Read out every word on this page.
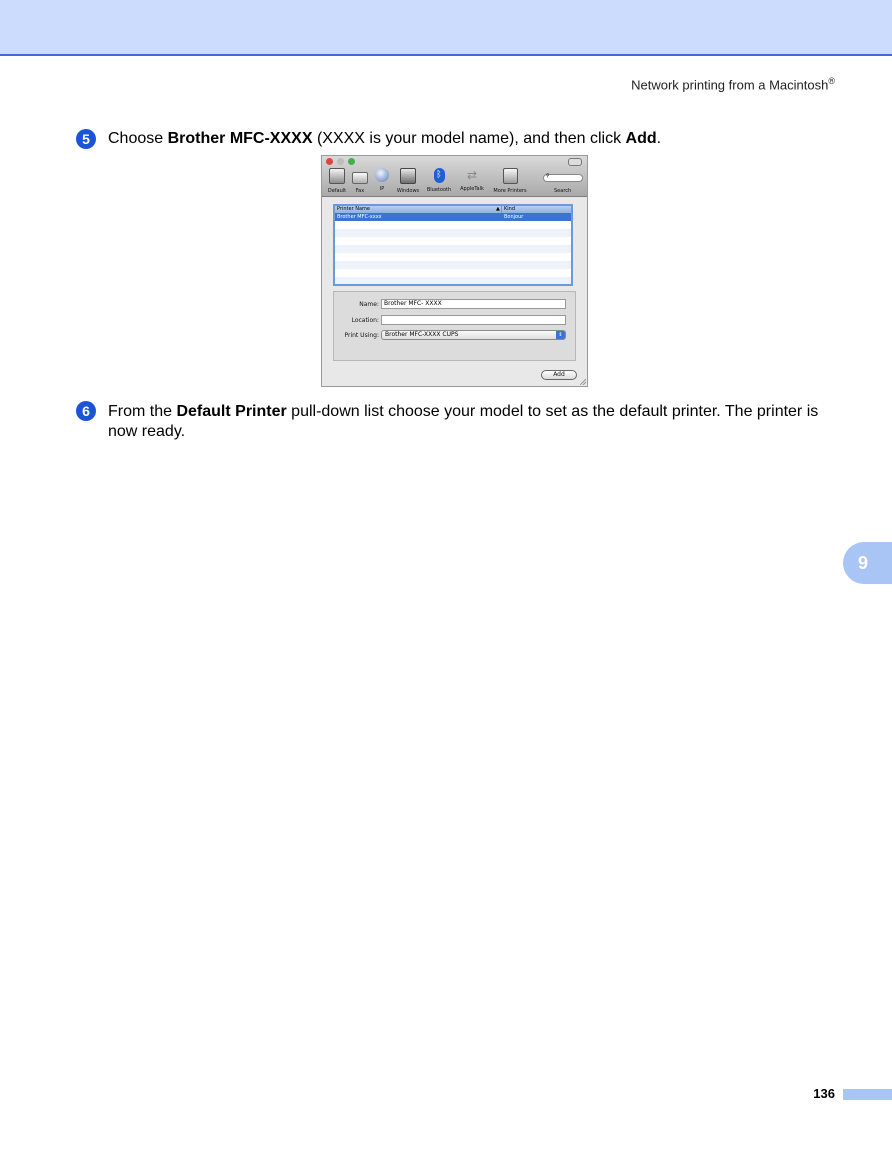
Network printing from a Macintosh®
5	Choose Brother MFC-XXXX (XXXX is your model name), and then click Add.
Default	Fax	IP	Windows
ᛒ
Bluetooth
⇄
AppleTalk	More Printers
⚲
Search
Printer Name	▲ Kind
Brother MFC-xxxx	Bonjour
Name: Brother MFC- XXXX
Location:
Print Using:	Brother MFC-XXXX CUPS	⇕
Add
6	From the Default Printer pull-down list choose your model to set as the default printer. The printer is now ready.
9
136
